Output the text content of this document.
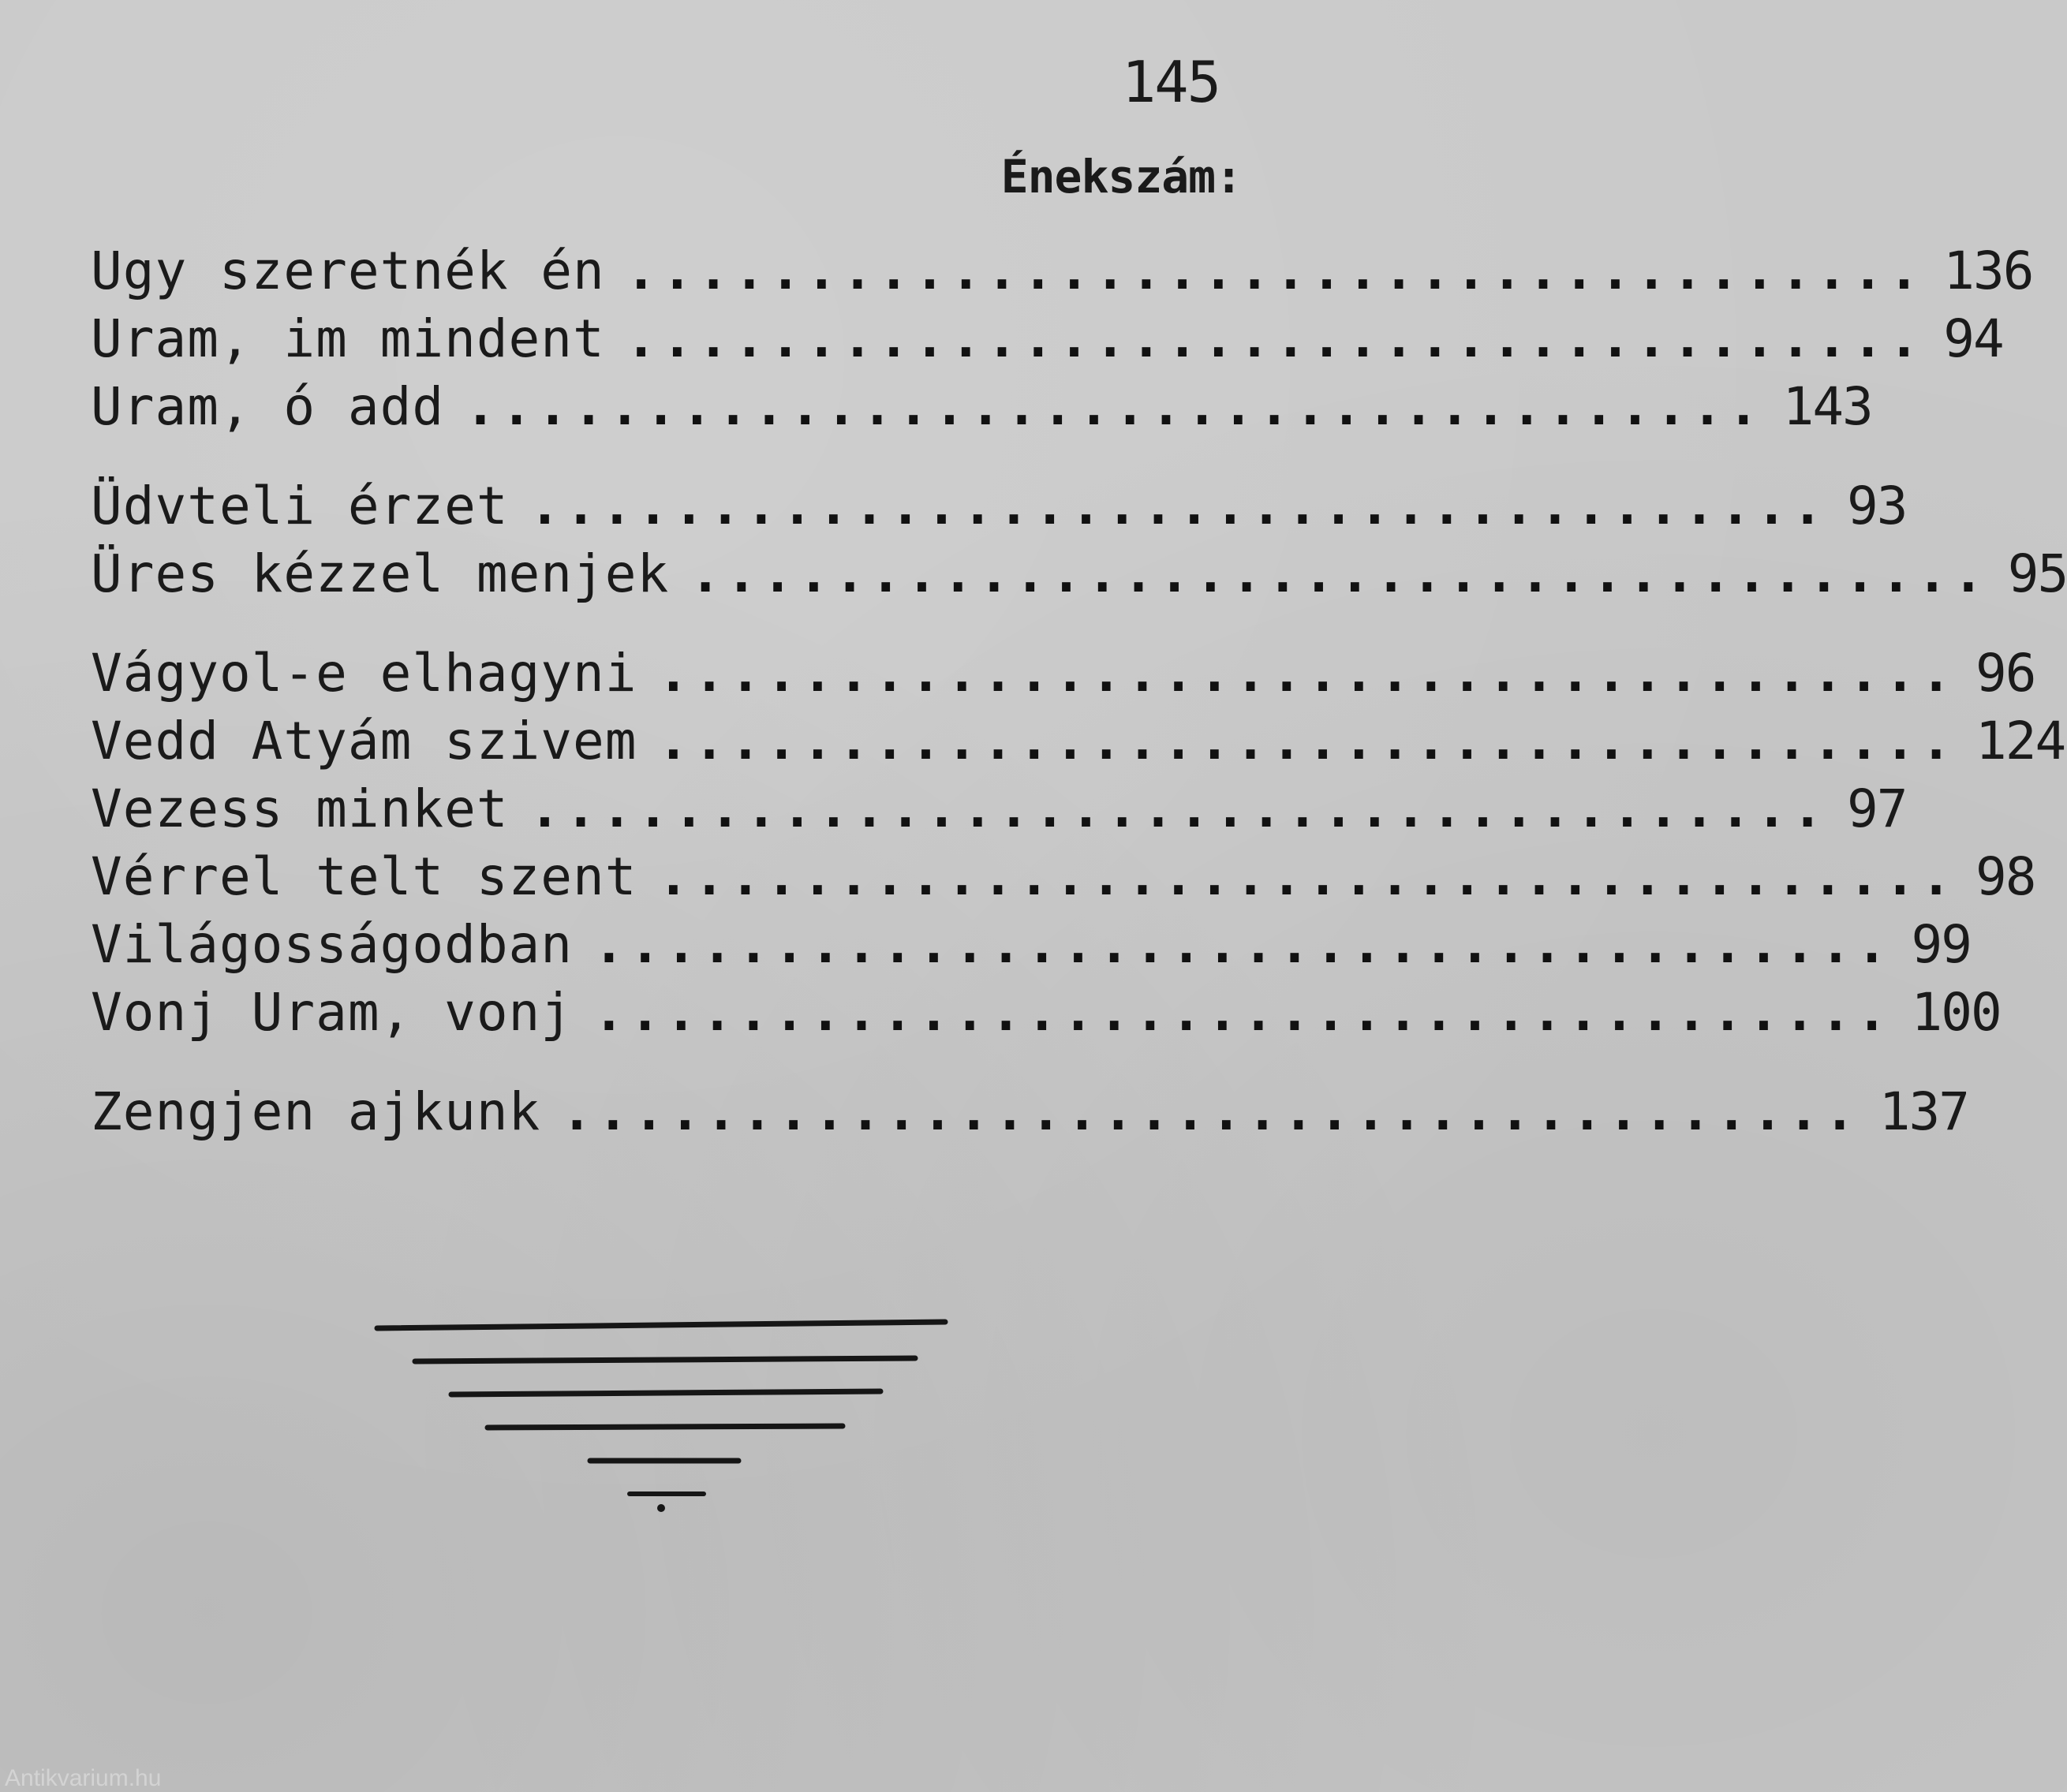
145
Énekszám:
Ugy szeretnék én .................................... 136
Uram, im mindent .................................... 94
Uram, ó add .................................... 143
Üdvteli érzet .................................... 93
Üres kézzel menjek .................................... 95
Vágyol-e elhagyni .................................... 96
Vedd Atyám szivem .................................... 124
Vezess minket .................................... 97
Vérrel telt szent .................................... 98
Világosságodban .................................... 99
Vonj Uram, vonj .................................... 100
Zengjen ajkunk .................................... 137
Antikvarium.hu
